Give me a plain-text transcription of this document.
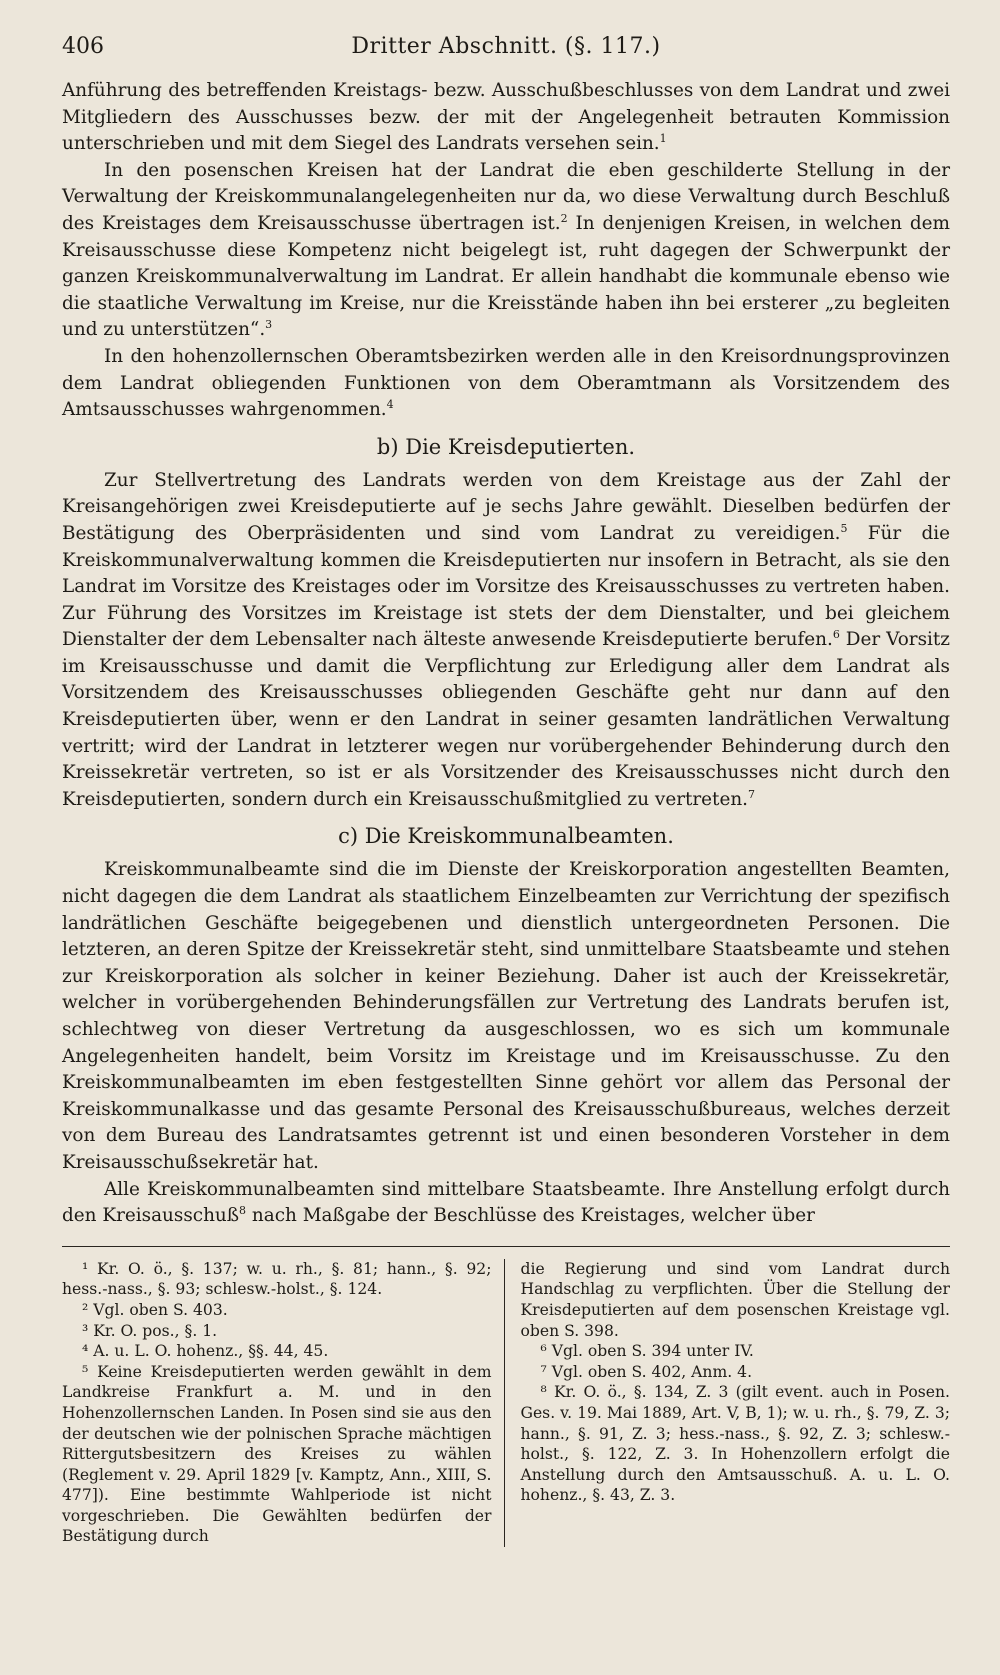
406	Dritter Abschnitt. (§. 117.)

Anführung des betreffenden Kreistags- bezw. Ausschußbeschlusses von dem Landrat und zwei Mitgliedern des Ausschusses bezw. der mit der Angelegenheit betrauten Kommission unterschrieben und mit dem Siegel des Landrats versehen sein.$^1$

In den posenschen Kreisen hat der Landrat die eben geschilderte Stellung in der Verwaltung der Kreiskommunalangelegenheiten nur da, wo diese Verwaltung durch Beschluß des Kreistages dem Kreisausschusse übertragen ist.$^2$ In denjenigen Kreisen, in welchen dem Kreisausschusse diese Kompetenz nicht beigelegt ist, ruht dagegen der Schwerpunkt der ganzen Kreiskommunalverwaltung im Landrat. Er allein handhabt die kommunale ebenso wie die staatliche Verwaltung im Kreise, nur die Kreisstände haben ihn bei ersterer „zu begleiten und zu unterstützen“.$^3$

In den hohenzollernschen Oberamtsbezirken werden alle in den Kreisordnungsprovinzen dem Landrat obliegenden Funktionen von dem Oberamtmann als Vorsitzendem des Amtsausschusses wahrgenommen.$^4$

b) Die Kreisdeputierten.

Zur Stellvertretung des Landrats werden von dem Kreistage aus der Zahl der Kreisangehörigen zwei Kreisdeputierte auf je sechs Jahre gewählt. Dieselben bedürfen der Bestätigung des Oberpräsidenten und sind vom Landrat zu vereidigen.$^5$ Für die Kreiskommunalverwaltung kommen die Kreisdeputierten nur insofern in Betracht, als sie den Landrat im Vorsitze des Kreistages oder im Vorsitze des Kreisausschusses zu vertreten haben. Zur Führung des Vorsitzes im Kreistage ist stets der dem Dienstalter, und bei gleichem Dienstalter der dem Lebensalter nach älteste anwesende Kreisdeputierte berufen.$^6$ Der Vorsitz im Kreisausschusse und damit die Verpflichtung zur Erledigung aller dem Landrat als Vorsitzendem des Kreisausschusses obliegenden Geschäfte geht nur dann auf den Kreisdeputierten über, wenn er den Landrat in seiner gesamten landrätlichen Verwaltung vertritt; wird der Landrat in letzterer wegen nur vorübergehender Behinderung durch den Kreissekretär vertreten, so ist er als Vorsitzender des Kreisausschusses nicht durch den Kreisdeputierten, sondern durch ein Kreisausschußmitglied zu vertreten.$^7$

c) Die Kreiskommunalbeamten.

Kreiskommunalbeamte sind die im Dienste der Kreiskorporation angestellten Beamten, nicht dagegen die dem Landrat als staatlichem Einzelbeamten zur Verrichtung der spezifisch landrätlichen Geschäfte beigegebenen und dienstlich untergeordneten Personen. Die letzteren, an deren Spitze der Kreissekretär steht, sind unmittelbare Staatsbeamte und stehen zur Kreiskorporation als solcher in keiner Beziehung. Daher ist auch der Kreissekretär, welcher in vorübergehenden Behinderungsfällen zur Vertretung des Landrats berufen ist, schlechtweg von dieser Vertretung da ausgeschlossen, wo es sich um kommunale Angelegenheiten handelt, beim Vorsitz im Kreistage und im Kreisausschusse. Zu den Kreiskommunalbeamten im eben festgestellten Sinne gehört vor allem das Personal der Kreiskommunalkasse und das gesamte Personal des Kreisausschußbureaus, welches derzeit von dem Bureau des Landratsamtes getrennt ist und einen besonderen Vorsteher in dem Kreisausschußsekretär hat.

Alle Kreiskommunalbeamten sind mittelbare Staatsbeamte. Ihre Anstellung erfolgt durch den Kreisausschuß$^8$ nach Maßgabe der Beschlüsse des Kreistages, welcher über

¹ Kr. O. ö., §. 137; w. u. rh., §. 81; hann., §. 92; hess.-nass., §. 93; schlesw.-holst., §. 124.

² Vgl. oben S. 403.

³ Kr. O. pos., §. 1.

⁴ A. u. L. O. hohenz., §§. 44, 45.

⁵ Keine Kreisdeputierten werden gewählt in dem Landkreise Frankfurt a. M. und in den Hohenzollernschen Landen. In Posen sind sie aus den der deutschen wie der polnischen Sprache mächtigen Rittergutsbesitzern des Kreises zu wählen (Reglement v. 29. April 1829 [v. Kamptz, Ann., XIII, S. 477]). Eine bestimmte Wahlperiode ist nicht vorgeschrieben. Die Gewählten bedürfen der Bestätigung durch

die Regierung und sind vom Landrat durch Handschlag zu verpflichten. Über die Stellung der Kreisdeputierten auf dem posenschen Kreistage vgl. oben S. 398.

⁶ Vgl. oben S. 394 unter IV.

⁷ Vgl. oben S. 402, Anm. 4.

⁸ Kr. O. ö., §. 134, Z. 3 (gilt event. auch in Posen. Ges. v. 19. Mai 1889, Art. V, B, 1); w. u. rh., §. 79, Z. 3; hann., §. 91, Z. 3; hess.-nass., §. 92, Z. 3; schlesw.-holst., §. 122, Z. 3. In Hohenzollern erfolgt die Anstellung durch den Amtsausschuß. A. u. L. O. hohenz., §. 43, Z. 3.
